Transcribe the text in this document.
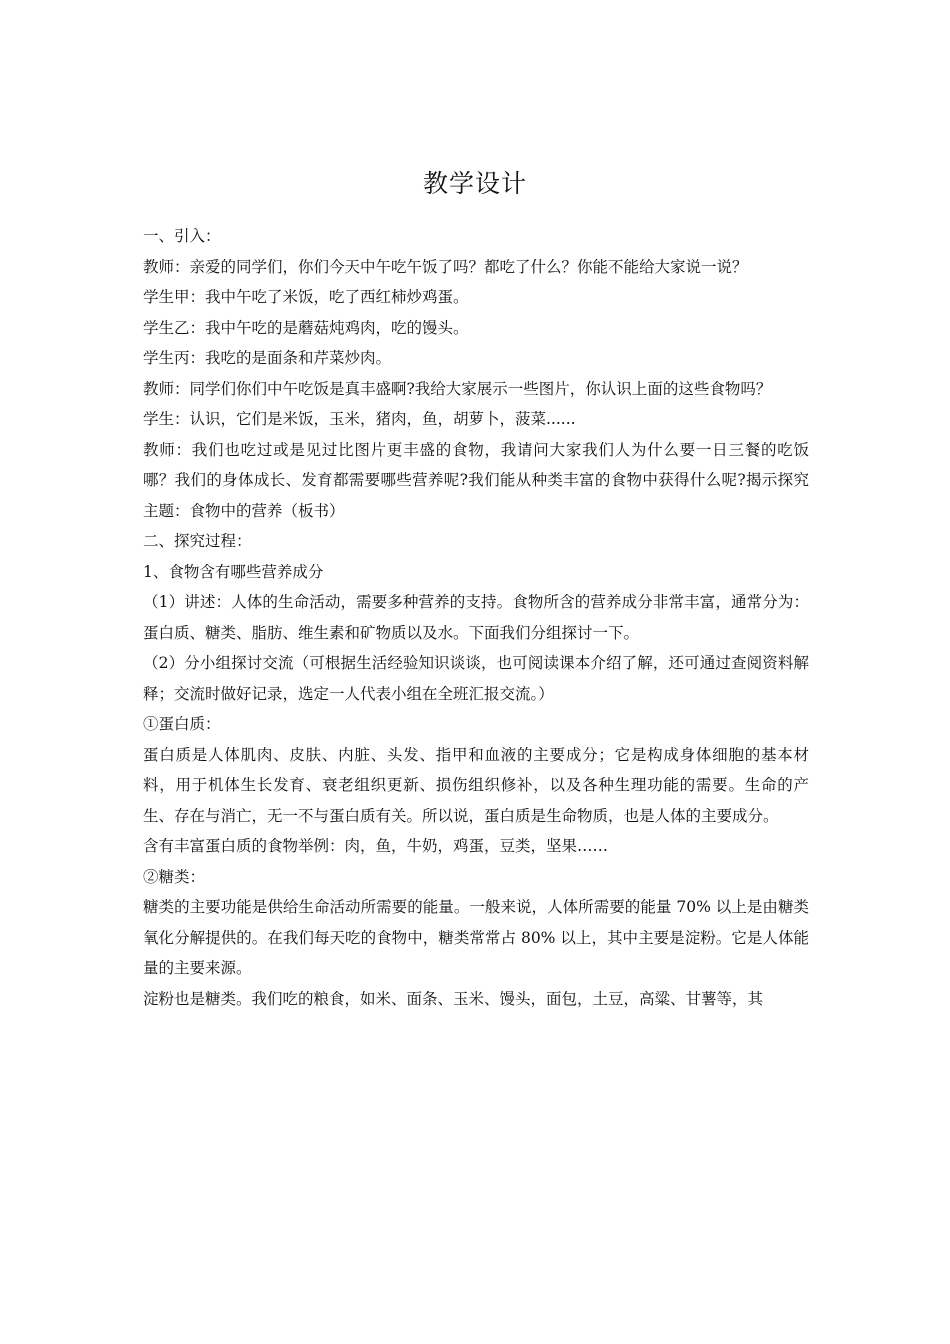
教学设计

一、引入：

教师：亲爱的同学们，你们今天中午吃午饭了吗？都吃了什么？你能不能给大家说一说？

学生甲：我中午吃了米饭，吃了西红柿炒鸡蛋。

学生乙：我中午吃的是蘑菇炖鸡肉，吃的馒头。

学生丙：我吃的是面条和芹菜炒肉。

教师：同学们你们中午吃饭是真丰盛啊?我给大家展示一些图片，你认识上面的这些食物吗？

学生：认识，它们是米饭，玉米，猪肉，鱼，胡萝卜，菠菜......

教师：我们也吃过或是见过比图片更丰盛的食物，我请问大家我们人为什么要一日三餐的吃饭哪？我们的身体成长、发育都需要哪些营养呢?我们能从种类丰富的食物中获得什么呢?揭示探究主题：食物中的营养（板书）

二、探究过程：

1、食物含有哪些营养成分

（1）讲述：人体的生命活动，需要多种营养的支持。食物所含的营养成分非常丰富，通常分为：蛋白质、糖类、脂肪、维生素和矿物质以及水。下面我们分组探讨一下。

（2）分小组探讨交流（可根据生活经验知识谈谈，也可阅读课本介绍了解，还可通过查阅资料解释；交流时做好记录，选定一人代表小组在全班汇报交流。）

①蛋白质：

蛋白质是人体肌肉、皮肤、内脏、头发、指甲和血液的主要成分；它是构成身体细胞的基本材料，用于机体生长发育、衰老组织更新、损伤组织修补，以及各种生理功能的需要。生命的产生、存在与消亡，无一不与蛋白质有关。所以说，蛋白质是生命物质，也是人体的主要成分。

含有丰富蛋白质的食物举例：肉，鱼，牛奶，鸡蛋，豆类，坚果……

②糖类：

糖类的主要功能是供给生命活动所需要的能量。一般来说，人体所需要的能量 70% 以上是由糖类氧化分解提供的。在我们每天吃的食物中，糖类常常占 80% 以上，其中主要是淀粉。它是人体能量的主要来源。

淀粉也是糖类。我们吃的粮食，如米、面条、玉米、馒头，面包，土豆，高粱、甘薯等，其
